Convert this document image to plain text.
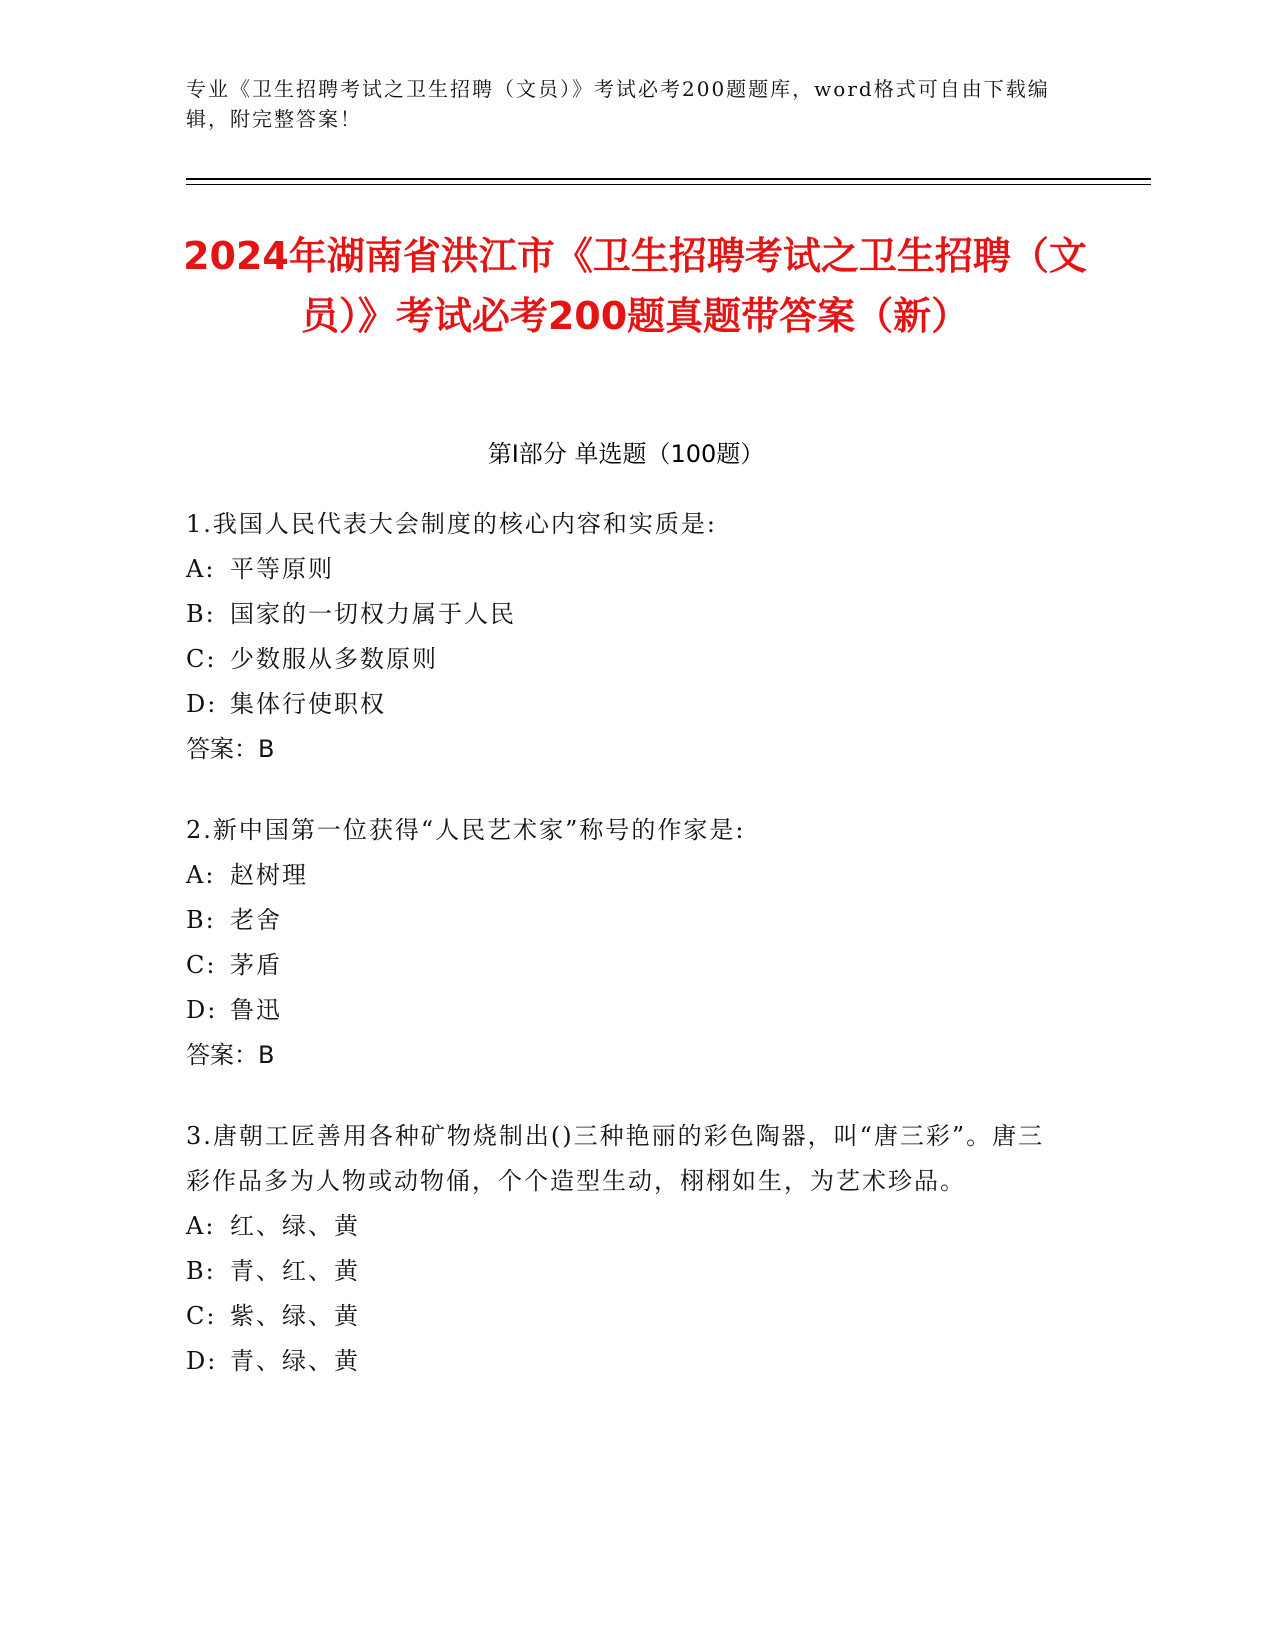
专业《卫生招聘考试之卫生招聘（文员）》考试必考200题题库，word格式可自由下载编辑，附完整答案！
2024年湖南省洪江市《卫生招聘考试之卫生招聘（文员）》考试必考200题真题带答案（新）
第I部分 单选题（100题）
1.我国人民代表大会制度的核心内容和实质是:
A: 平等原则
B: 国家的一切权力属于人民
C: 少数服从多数原则
D: 集体行使职权
答案：B
2.新中国第一位获得“人民艺术家”称号的作家是:
A: 赵树理
B: 老舍
C: 茅盾
D: 鲁迅
答案：B
3.唐朝工匠善用各种矿物烧制出()三种艳丽的彩色陶器，叫“唐三彩”。唐三彩作品多为人物或动物俑，个个造型生动，栩栩如生，为艺术珍品。
A: 红、绿、黄
B: 青、红、黄
C: 紫、绿、黄
D: 青、绿、黄
